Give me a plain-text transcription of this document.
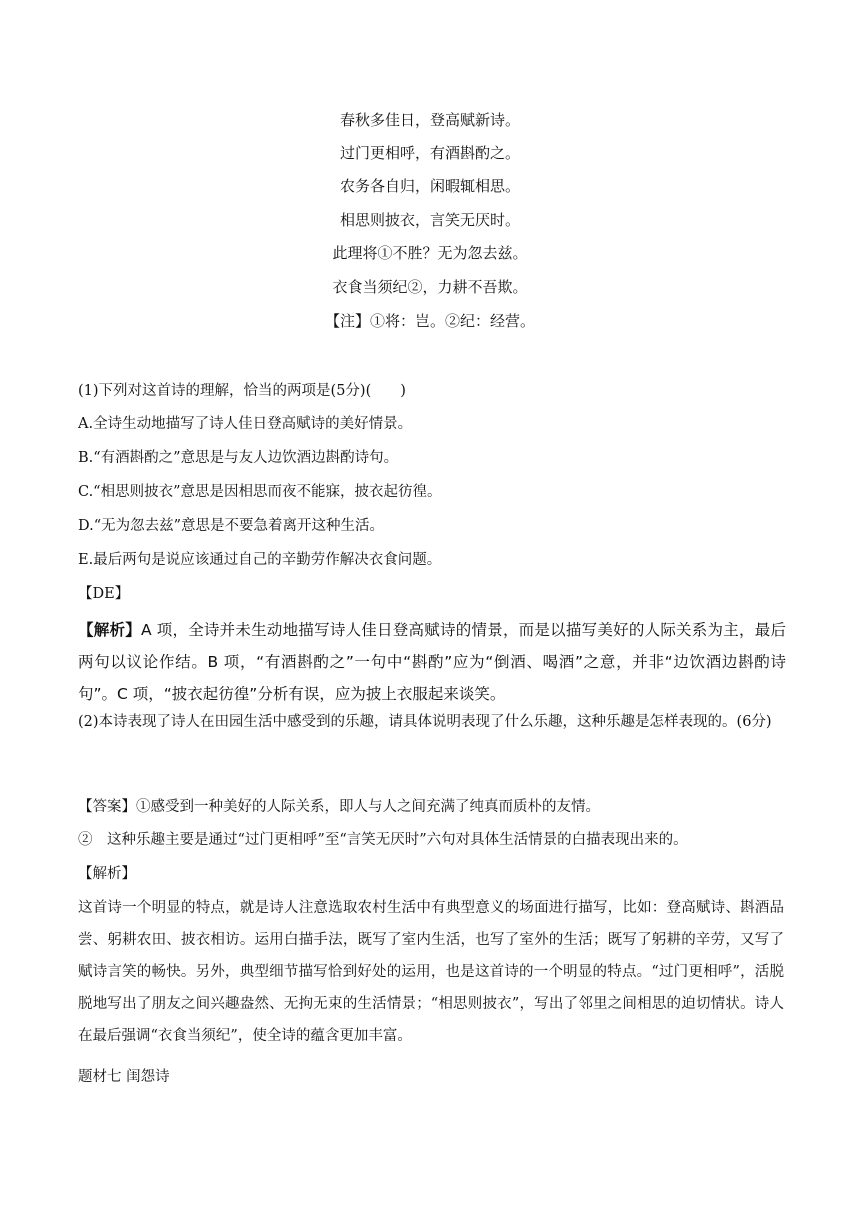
春秋多佳日，登高赋新诗。
过门更相呼，有酒斟酌之。
农务各自归，闲暇辄相思。
相思则披衣，言笑无厌时。
此理将①不胜？无为忽去兹。
衣食当须纪②，力耕不吾欺。
【注】①将：岂。②纪：经营。
(1)下列对这首诗的理解，恰当的两项是(5分)(　　)
A.全诗生动地描写了诗人佳日登高赋诗的美好情景。
B.“有酒斟酌之”意思是与友人边饮酒边斟酌诗句。
C.“相思则披衣”意思是因相思而夜不能寐，披衣起彷徨。
D.“无为忽去兹”意思是不要急着离开这种生活。
E.最后两句是说应该通过自己的辛勤劳作解决衣食问题。
【DE】
【解析】A 项，全诗并未生动地描写诗人佳日登高赋诗的情景，而是以描写美好的人际关系为主，最后两句以议论作结。B 项，“有酒斟酌之”一句中“斟酌”应为“倒酒、喝酒”之意，并非“边饮酒边斟酌诗句”。C 项，“披衣起彷徨”分析有误，应为披上衣服起来谈笑。
(2)本诗表现了诗人在田园生活中感受到的乐趣，请具体说明表现了什么乐趣，这种乐趣是怎样表现的。(6分)
【答案】①感受到一种美好的人际关系，即人与人之间充满了纯真而质朴的友情。
②　这种乐趣主要是通过“过门更相呼”至“言笑无厌时”六句对具体生活情景的白描表现出来的。
【解析】
这首诗一个明显的特点，就是诗人注意选取农村生活中有典型意义的场面进行描写，比如：登高赋诗、斟酒品尝、躬耕农田、披衣相访。运用白描手法，既写了室内生活，也写了室外的生活；既写了躬耕的辛劳，又写了赋诗言笑的畅快。另外，典型细节描写恰到好处的运用，也是这首诗的一个明显的特点。“过门更相呼”，活脱脱地写出了朋友之间兴趣盎然、无拘无束的生活情景；“相思则披衣”，写出了邻里之间相思的迫切情状。诗人在最后强调“衣食当须纪”，使全诗的蕴含更加丰富。
题材七 闺怨诗
